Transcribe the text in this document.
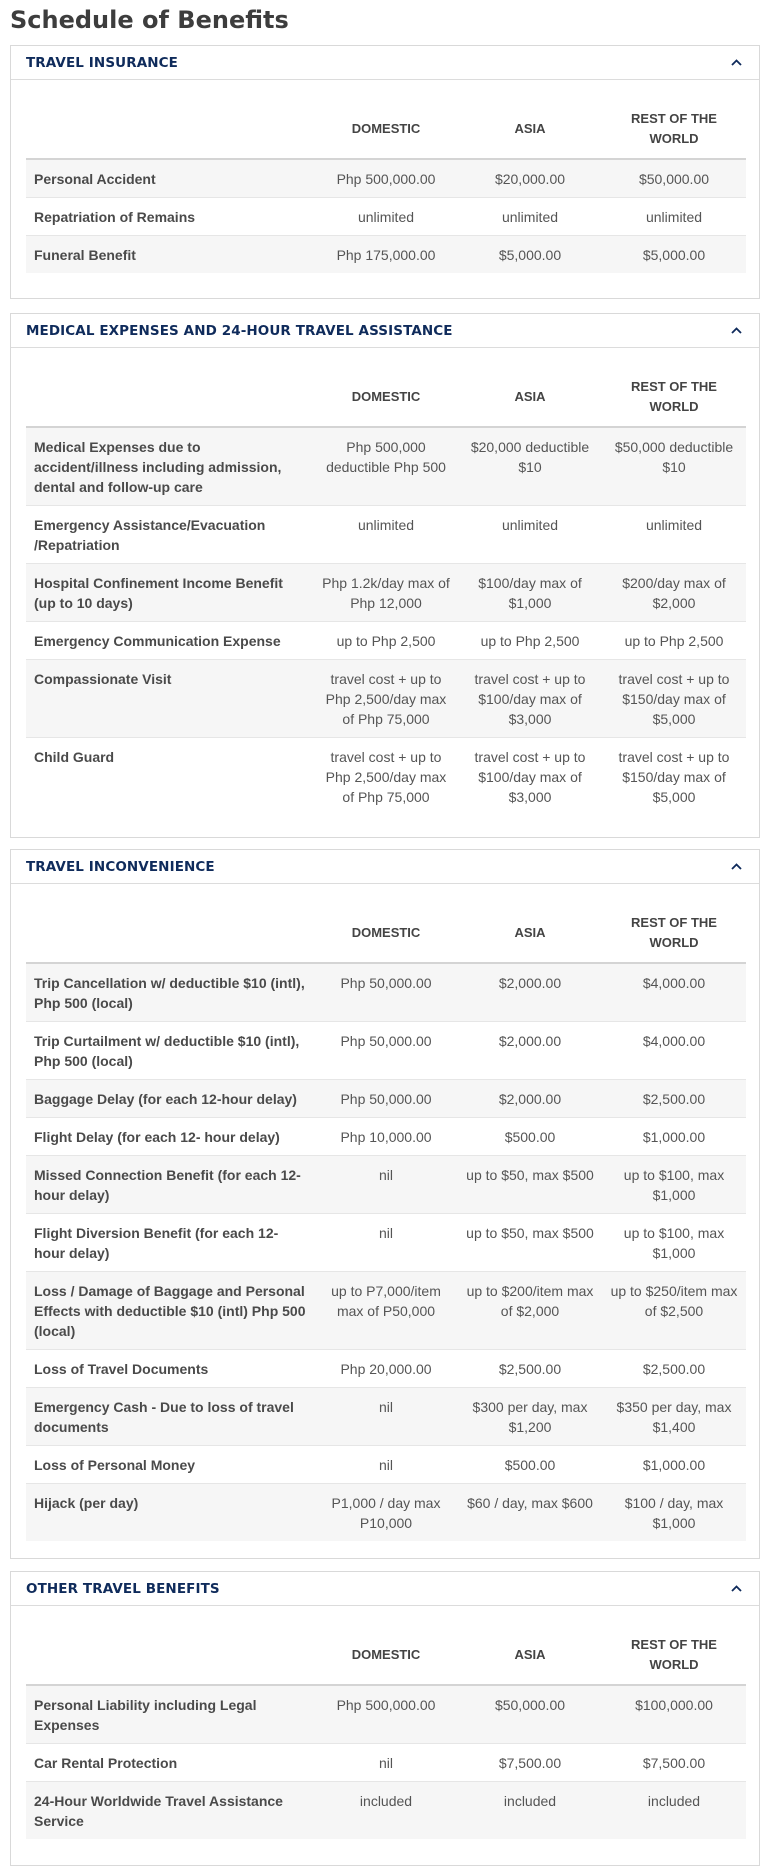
Schedule of Benefits
TRAVEL INSURANCE
	DOMESTIC	ASIA	REST OF THE WORLD
Personal Accident	Php 500,000.00	$20,000.00	$50,000.00
Repatriation of Remains	unlimited	unlimited	unlimited
Funeral Benefit	Php 175,000.00	$5,000.00	$5,000.00
MEDICAL EXPENSES AND 24-HOUR TRAVEL ASSISTANCE
	DOMESTIC	ASIA	REST OF THE WORLD
Medical Expenses due to accident/illness including admission, dental and follow-up care	Php 500,000 deductible Php 500	$20,000 deductible $10	$50,000 deductible $10
Emergency Assistance/Evacuation /Repatriation	unlimited	unlimited	unlimited
Hospital Confinement Income Benefit (up to 10 days)	Php 1.2k/day max of Php 12,000	$100/day max of $1,000	$200/day max of $2,000
Emergency Communication Expense	up to Php 2,500	up to Php 2,500	up to Php 2,500
Compassionate Visit	travel cost + up to Php 2,500/day max of Php 75,000	travel cost + up to $100/day max of $3,000	travel cost + up to $150/day max of $5,000
Child Guard	travel cost + up to Php 2,500/day max of Php 75,000	travel cost + up to $100/day max of $3,000	travel cost + up to $150/day max of $5,000
TRAVEL INCONVENIENCE
	DOMESTIC	ASIA	REST OF THE WORLD
Trip Cancellation w/ deductible $10 (intl), Php 500 (local)	Php 50,000.00	$2,000.00	$4,000.00
Trip Curtailment w/ deductible $10 (intl), Php 500 (local)	Php 50,000.00	$2,000.00	$4,000.00
Baggage Delay (for each 12-hour delay)	Php 50,000.00	$2,000.00	$2,500.00
Flight Delay (for each 12- hour delay)	Php 10,000.00	$500.00	$1,000.00
Missed Connection Benefit (for each 12-hour delay)	nil	up to $50, max $500	up to $100, max $1,000
Flight Diversion Benefit (for each 12-hour delay)	nil	up to $50, max $500	up to $100, max $1,000
Loss / Damage of Baggage and Personal Effects with deductible $10 (intl) Php 500 (local)	up to P7,000/item max of P50,000	up to $200/item max of $2,000	up to $250/item max of $2,500
Loss of Travel Documents	Php 20,000.00	$2,500.00	$2,500.00
Emergency Cash - Due to loss of travel documents	nil	$300 per day, max $1,200	$350 per day, max $1,400
Loss of Personal Money	nil	$500.00	$1,000.00
Hijack (per day)	P1,000 / day max P10,000	$60 / day, max $600	$100 / day, max $1,000
OTHER TRAVEL BENEFITS
	DOMESTIC	ASIA	REST OF THE WORLD
Personal Liability including Legal Expenses	Php 500,000.00	$50,000.00	$100,000.00
Car Rental Protection	nil	$7,500.00	$7,500.00
24-Hour Worldwide Travel Assistance Service	included	included	included
